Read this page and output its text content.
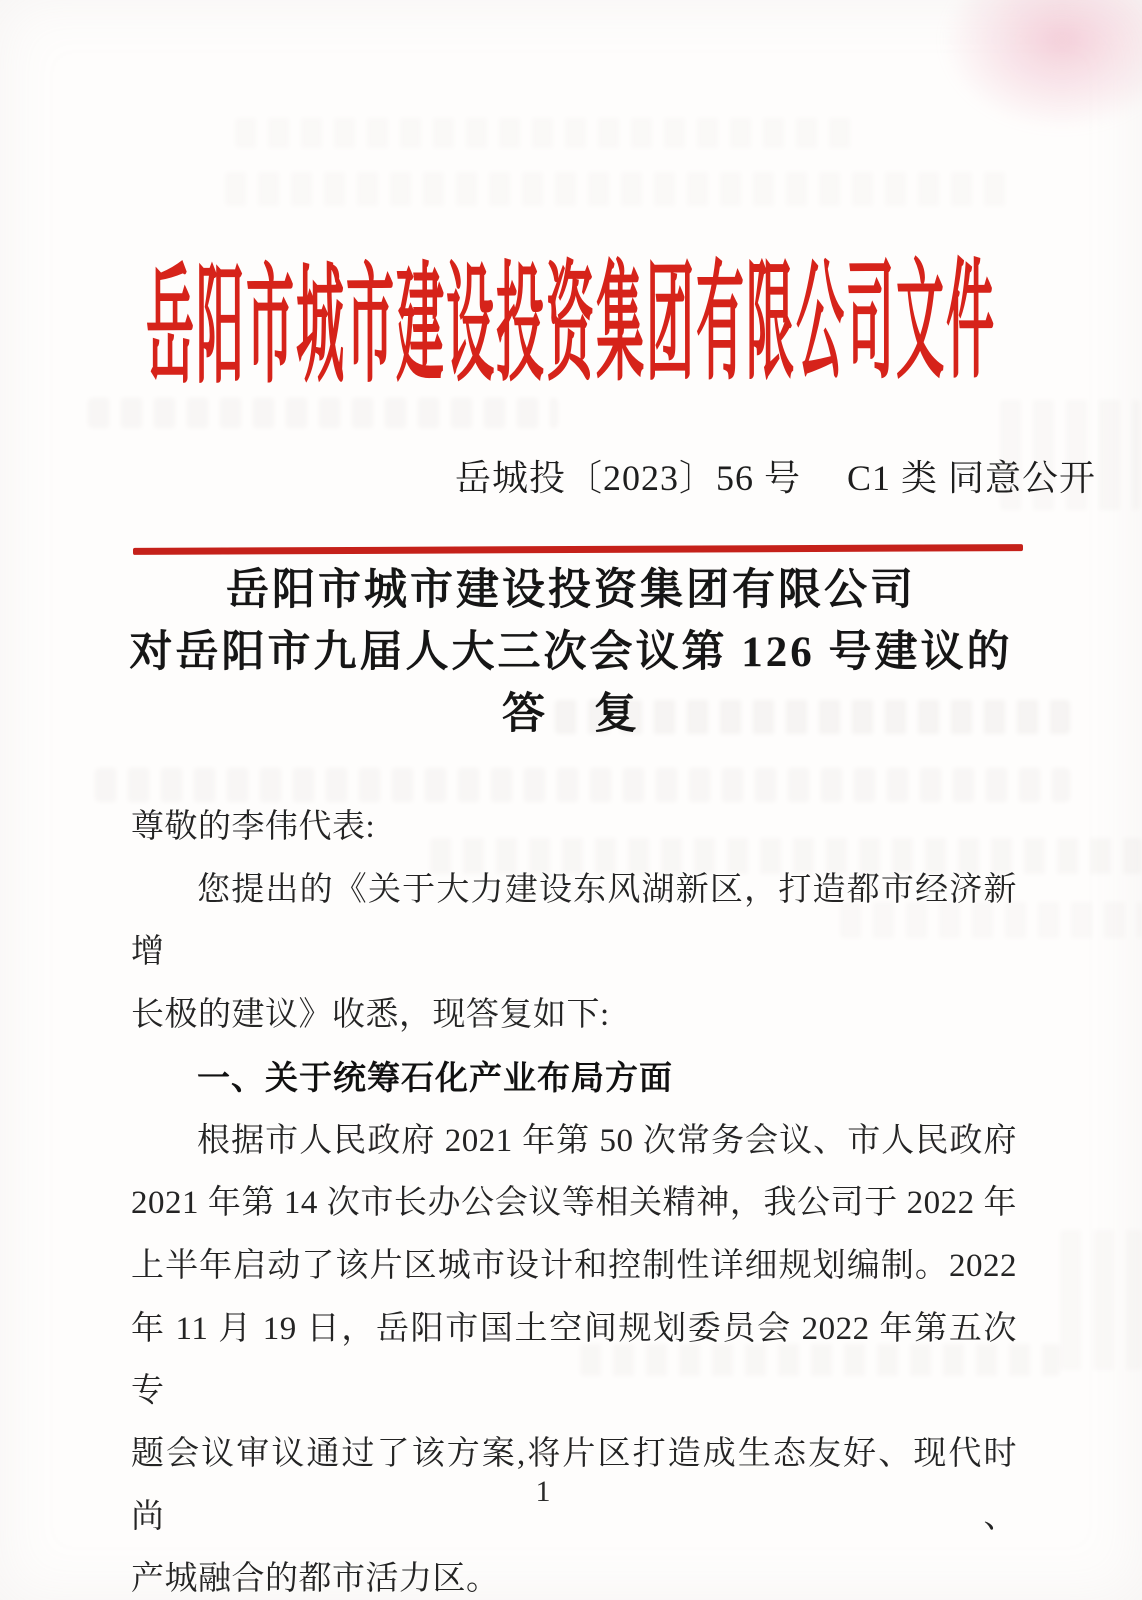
岳阳市城市建设投资集团有限公司文件
岳城投〔2023〕56 号 C1 类 同意公开
岳阳市城市建设投资集团有限公司
对岳阳市九届人大三次会议第 126 号建议的
答　复
尊敬的李伟代表:
您提出的《关于大力建设东风湖新区，打造都市经济新增
长极的建议》收悉，现答复如下:
一、关于统筹石化产业布局方面
根据市人民政府 2021 年第 50 次常务会议、市人民政府
2021 年第 14 次市长办公会议等相关精神，我公司于 2022 年
上半年启动了该片区城市设计和控制性详细规划编制。2022
年 11 月 19 日，岳阳市国土空间规划委员会 2022 年第五次专
题会议审议通过了该方案,将片区打造成生态友好、现代时尚、
产城融合的都市活力区。
1
